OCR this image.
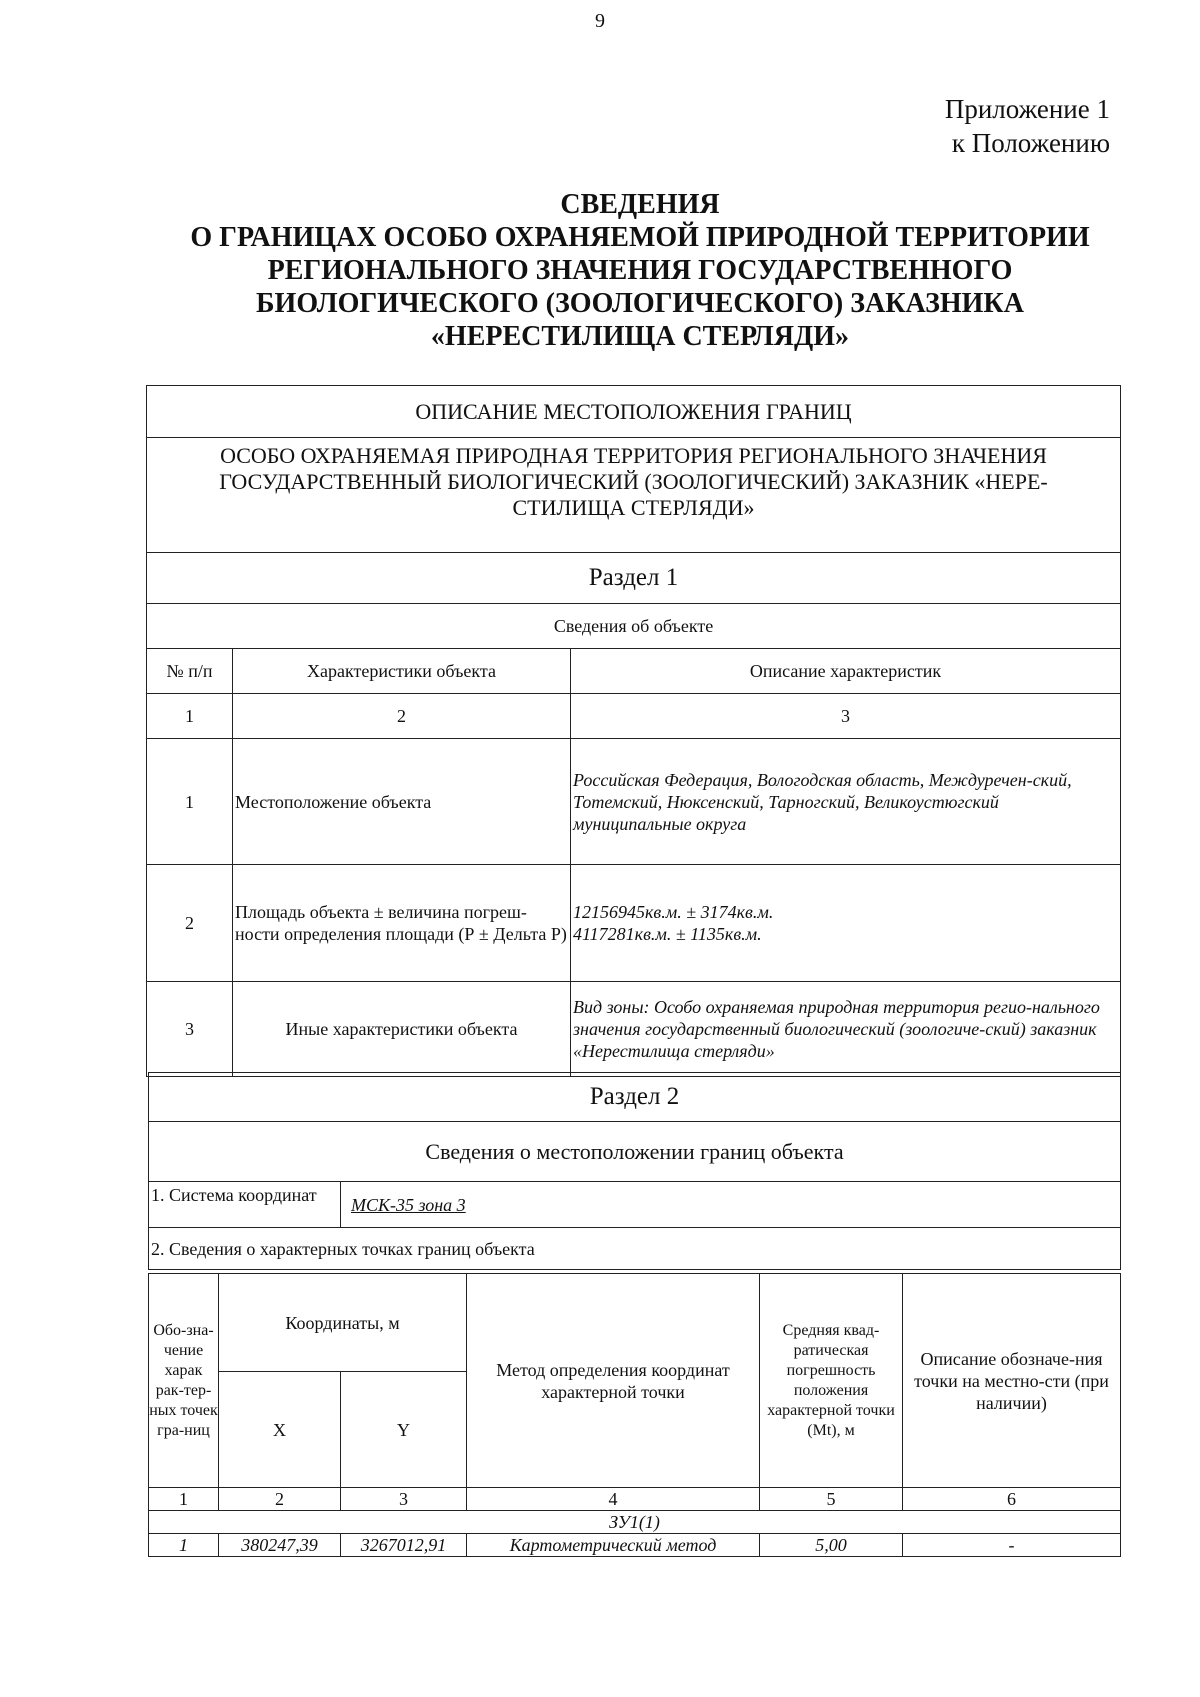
9
Приложение 1
к Положению
СВЕДЕНИЯ
О ГРАНИЦАХ ОСОБО ОХРАНЯЕМОЙ ПРИРОДНОЙ ТЕРРИТОРИИ
РЕГИОНАЛЬНОГО ЗНАЧЕНИЯ ГОСУДАРСТВЕННОГО
БИОЛОГИЧЕСКОГО (ЗООЛОГИЧЕСКОГО) ЗАКАЗНИКА
«НЕРЕСТИЛИЩА СТЕРЛЯДИ»
ОПИСАНИЕ МЕСТОПОЛОЖЕНИЯ ГРАНИЦ		
ОСОБО ОХРАНЯЕМАЯ ПРИРОДНАЯ ТЕРРИТОРИЯ РЕГИОНАЛЬНОГО ЗНАЧЕНИЯ ГОСУДАРСТВЕННЫЙ БИОЛОГИЧЕСКИЙ (ЗООЛОГИЧЕСКИЙ) ЗАКАЗНИК «НЕРЕ-СТИЛИЩА СТЕРЛЯДИ»		
Раздел 1		
Сведения об объекте		
№ п/п	Характеристики объекта	Описание характеристик
1	2	3
1	Местоположение объекта	Российская Федерация, Вологодская область, Междуречен-ский, Тотемский, Нюксенский, Тарногский, Великоустюгский муниципальные округа
2	Площадь объекта ± величина погреш-ности определения площади (Р ± Дельта Р)	12156945кв.м. ± 3174кв.м.
4117281кв.м. ± 1135кв.м.

3	Иные характеристики объекта	Вид зоны: Особо охраняемая природная территория регио-нального значения государственный биологический (зоологиче-ский) заказник «Нерестилища стерляди»
Раздел 2
Сведения о местоположении границ объекта
1. Система координат	МСК-35 зона 3
2. Сведения о характерных точках границ объекта
Обо-зна-чение харак рак-тер-ных точек гра-ниц	Координаты, м		Метод определения координат характерной точки	Средняя квад-ратическая погрешность положения характерной точки (Mt), м	Описание обозначе-ния точки на местно-сти (при наличии)
	X	Y			
1	2	3	4	5	6
ЗУ1(1)					
1	380247,39	3267012,91	Картометрический метод	5,00	-
